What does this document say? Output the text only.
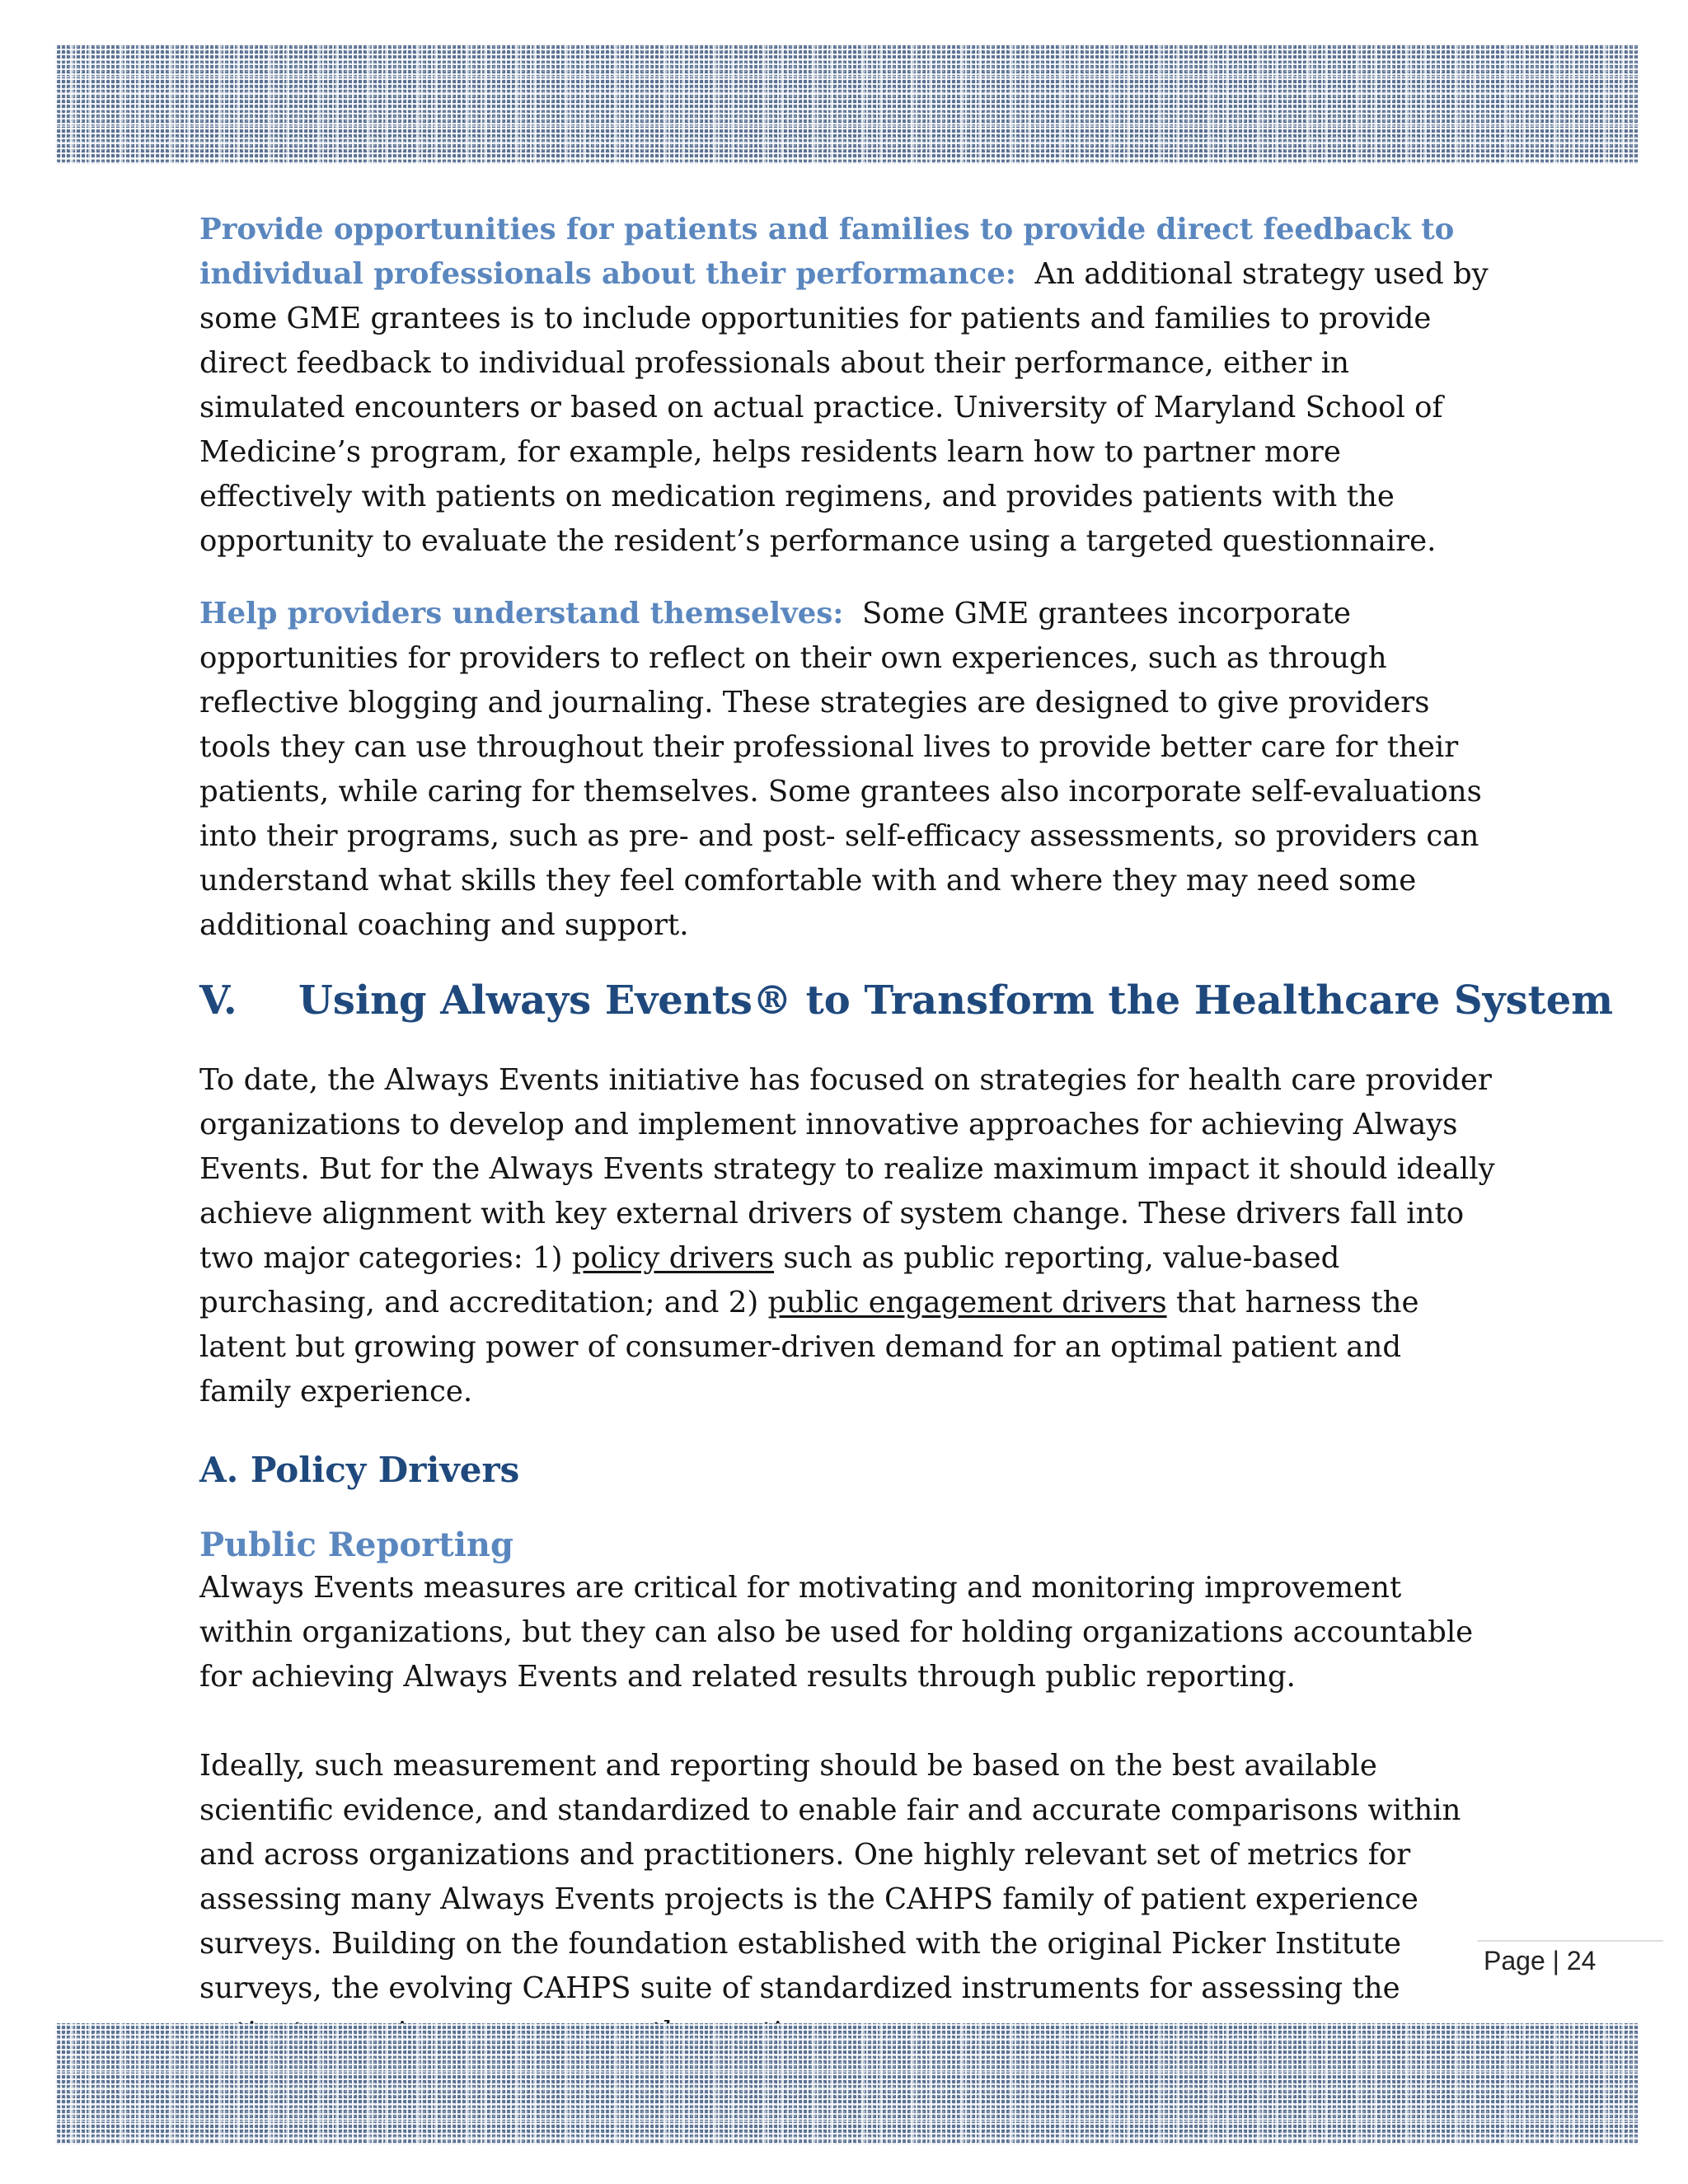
Provide opportunities for patients and families to provide direct feedback to individual professionals about their performance: An additional strategy used by some GME grantees is to include opportunities for patients and families to provide direct feedback to individual professionals about their performance, either in simulated encounters or based on actual practice. University of Maryland School of Medicine’s program, for example, helps residents learn how to partner more effectively with patients on medication regimens, and provides patients with the opportunity to evaluate the resident’s performance using a targeted questionnaire.

Help providers understand themselves: Some GME grantees incorporate opportunities for providers to reflect on their own experiences, such as through reflective blogging and journaling. These strategies are designed to give providers tools they can use throughout their professional lives to provide better care for their patients, while caring for themselves. Some grantees also incorporate self-evaluations into their programs, such as pre- and post- self-efficacy assessments, so providers can understand what skills they feel comfortable with and where they may need some additional coaching and support.

V. Using Always Events® to Transform the Healthcare System

To date, the Always Events initiative has focused on strategies for health care provider organizations to develop and implement innovative approaches for achieving Always Events. But for the Always Events strategy to realize maximum impact it should ideally achieve alignment with key external drivers of system change. These drivers fall into two major categories: 1) policy drivers such as public reporting, value-based purchasing, and accreditation; and 2) public engagement drivers that harness the latent but growing power of consumer-driven demand for an optimal patient and family experience.

A. Policy Drivers
Public Reporting

Always Events measures are critical for motivating and monitoring improvement within organizations, but they can also be used for holding organizations accountable for achieving Always Events and related results through public reporting.

Ideally, such measurement and reporting should be based on the best available scientific evidence, and standardized to enable fair and accurate comparisons within and across organizations and practitioners. One highly relevant set of metrics for assessing many Always Events projects is the CAHPS family of patient experience surveys. Building on the foundation established with the original Picker Institute surveys, the evolving CAHPS suite of standardized instruments for assessing the

Page | 24
